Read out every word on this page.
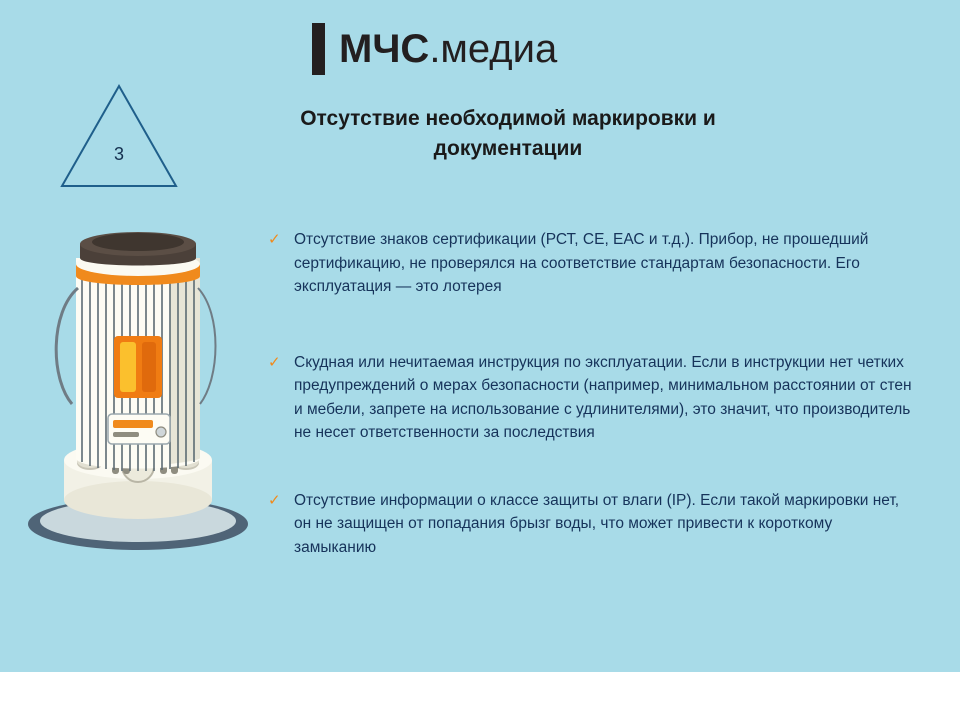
МЧС.медиа
3
Отсутствие необходимой маркировки и документации
✓ Отсутствие знаков сертификации (РСТ, СЕ, ЕАС и т.д.). Прибор, не прошедший сертификацию, не проверялся на соответствие стандартам безопасности. Его эксплуатация — это лотерея
✓ Скудная или нечитаемая инструкция по эксплуатации. Если в инструкции нет четких предупреждений о мерах безопасности (например, минимальном расстоянии от стен и мебели, запрете на использование с удлинителями), это значит, что производитель не несет ответственности за последствия
✓ Отсутствие информации о классе защиты от влаги (IP). Если такой маркировки нет, он не защищен от попадания брызг воды, что может привести к короткому замыканию
